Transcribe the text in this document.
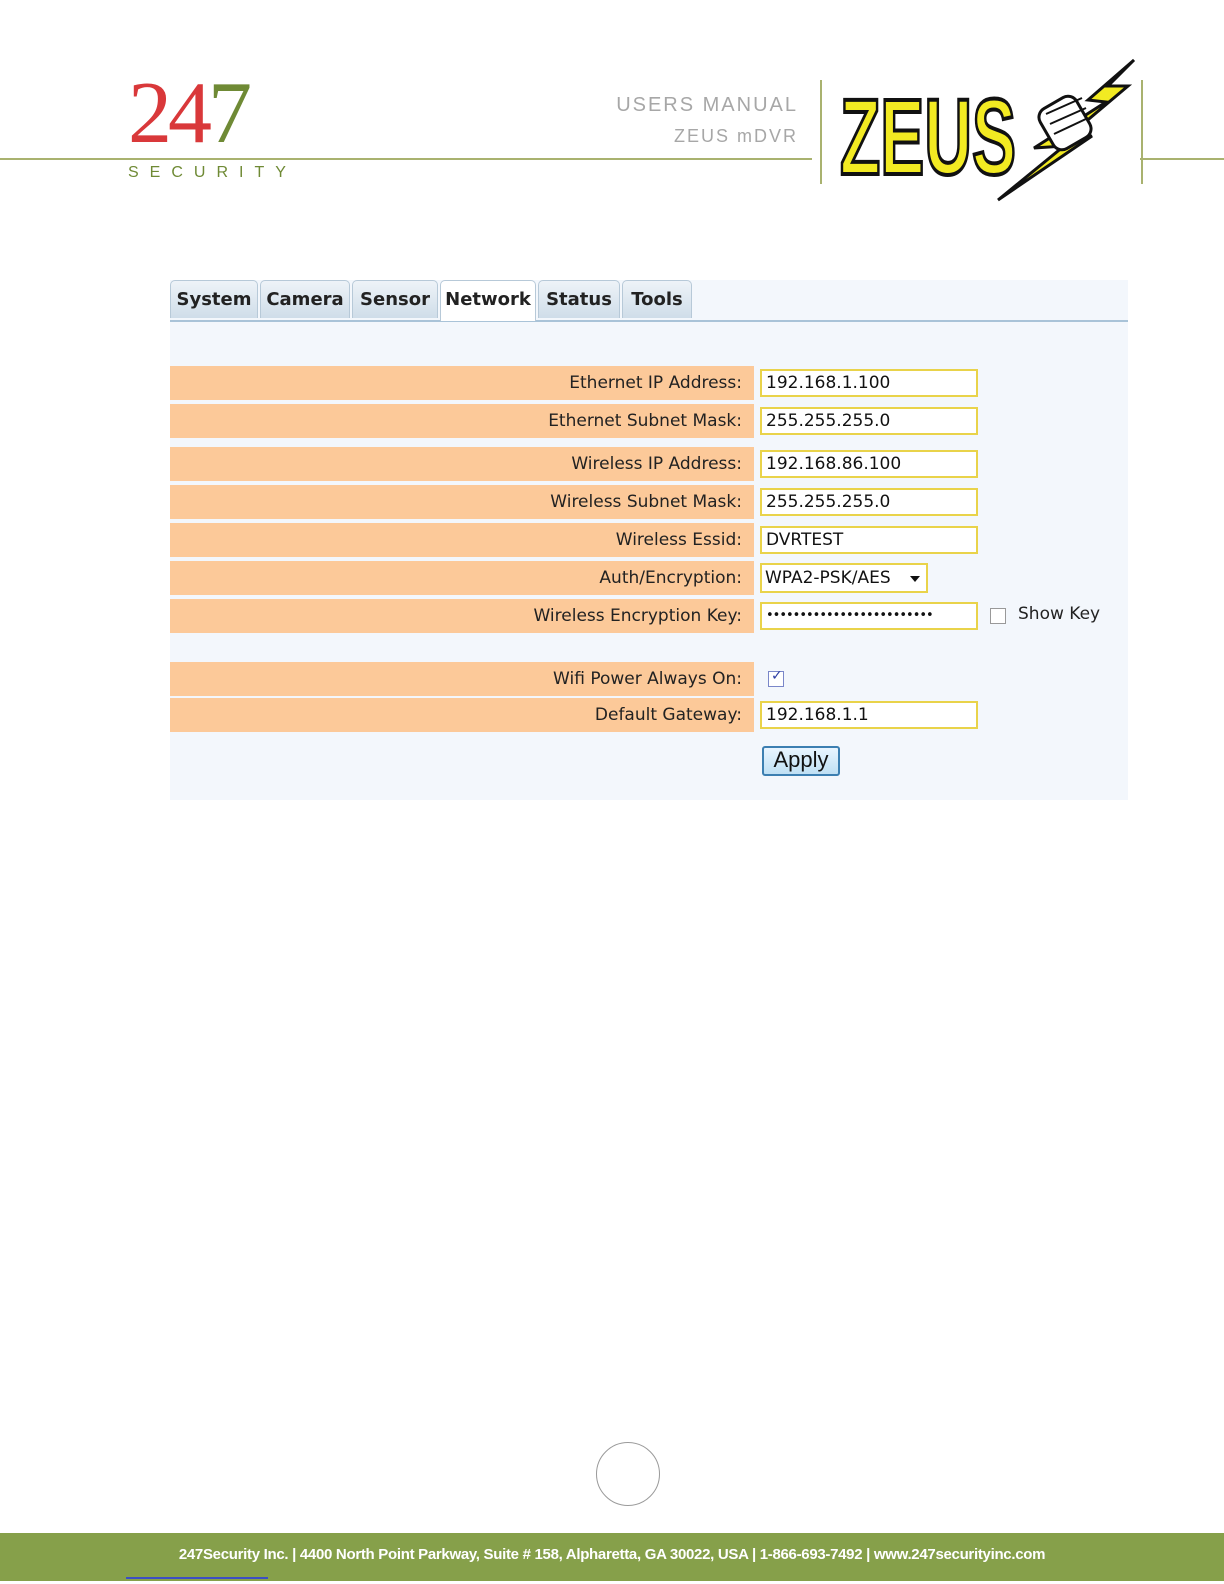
247
SECURITY
USERS MANUAL
ZEUS mDVR ZEUS
System Camera Sensor Network Status	Tools
Ethernet IP Address:	192.168.1.100
Ethernet Subnet Mask:	255.255.255.0
Wireless IP Address:	192.168.86.100
Wireless Subnet Mask:	255.255.255.0
Wireless Essid:	DVRTEST
Auth/Encryption:	WPA2-PSK/AES
Wireless Encryption Key:	•••••••••••••••••••••••••	Show Key
Wifi Power Always On:	✓
Default Gateway:	192.168.1.1
Apply
247Security Inc. | 4400 North Point Parkway, Suite # 158, Alpharetta, GA 30022, USA | 1-866-693-7492 | www.247securityinc.com
